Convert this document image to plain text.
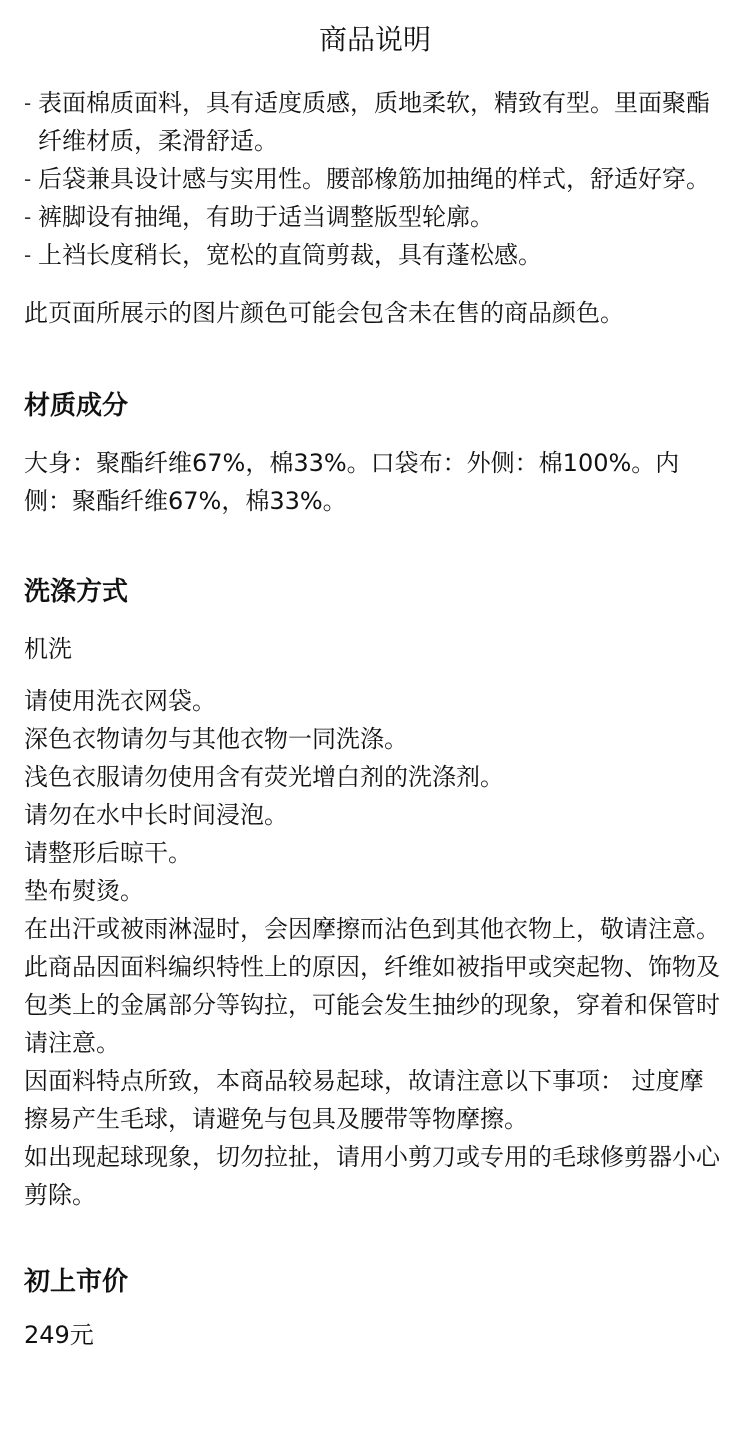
商品说明
- 表面棉质面料，具有适度质感，质地柔软，精致有型。里面聚酯纤维材质，柔滑舒适。
- 后袋兼具设计感与实用性。腰部橡筋加抽绳的样式，舒适好穿。
- 裤脚设有抽绳，有助于适当调整版型轮廓。
- 上裆长度稍长，宽松的直筒剪裁，具有蓬松感。

此页面所展示的图片颜色可能会包含未在售的商品颜色。

材质成分

大身：聚酯纤维67%，棉33%。口袋布：外侧：棉100%。内侧：聚酯纤维67%，棉33%。

洗涤方式

机洗

请使用洗衣网袋。
深色衣物请勿与其他衣物一同洗涤。
浅色衣服请勿使用含有荧光增白剂的洗涤剂。
请勿在水中长时间浸泡。
请整形后晾干。
垫布熨烫。
在出汗或被雨淋湿时，会因摩擦而沾色到其他衣物上，敬请注意。
此商品因面料编织特性上的原因，纤维如被指甲或突起物、饰物及包类上的金属部分等钩拉，可能会发生抽纱的现象，穿着和保管时请注意。
因面料特点所致，本商品较易起球，故请注意以下事项： 过度摩擦易产生毛球，请避免与包具及腰带等物摩擦。
如出现起球现象，切勿拉扯，请用小剪刀或专用的毛球修剪器小心剪除。
初上市价

249元
